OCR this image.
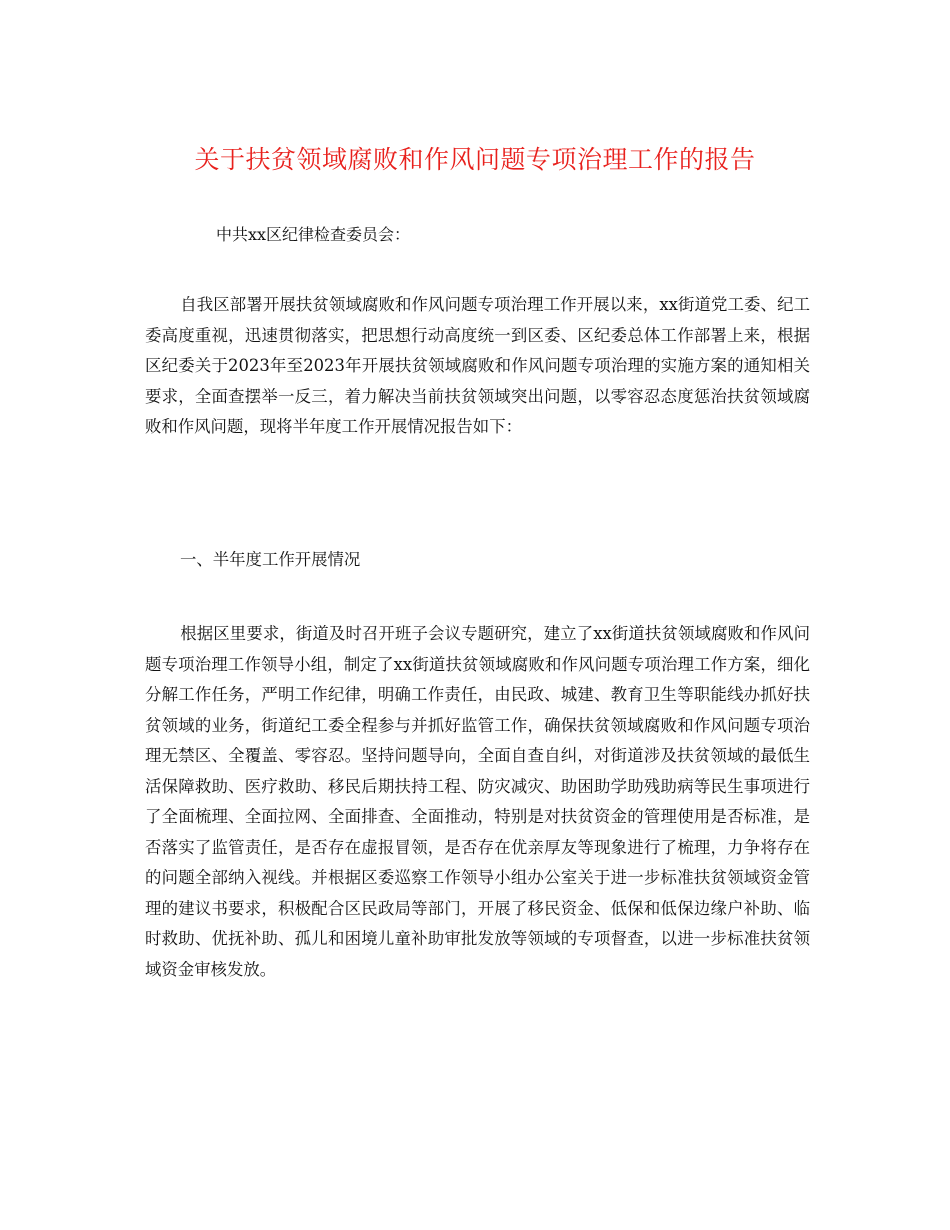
关于扶贫领域腐败和作风问题专项治理工作的报告

中共xx区纪律检查委员会：

自我区部署开展扶贫领域腐败和作风问题专项治理工作开展以来，xx街道党工委、纪工委高度重视，迅速贯彻落实，把思想行动高度统一到区委、区纪委总体工作部署上来，根据区纪委关于2023年至2023年开展扶贫领域腐败和作风问题专项治理的实施方案的通知相关要求，全面查摆举一反三，着力解决当前扶贫领域突出问题，以零容忍态度惩治扶贫领域腐败和作风问题，现将半年度工作开展情况报告如下：

一、半年度工作开展情况

根据区里要求，街道及时召开班子会议专题研究，建立了xx街道扶贫领域腐败和作风问题专项治理工作领导小组，制定了xx街道扶贫领域腐败和作风问题专项治理工作方案，细化分解工作任务，严明工作纪律，明确工作责任，由民政、城建、教育卫生等职能线办抓好扶贫领域的业务，街道纪工委全程参与并抓好监管工作，确保扶贫领域腐败和作风问题专项治理无禁区、全覆盖、零容忍。坚持问题导向，全面自查自纠，对街道涉及扶贫领域的最低生活保障救助、医疗救助、移民后期扶持工程、防灾减灾、助困助学助残助病等民生事项进行了全面梳理、全面拉网、全面排查、全面推动，特别是对扶贫资金的管理使用是否标准，是否落实了监管责任，是否存在虚报冒领，是否存在优亲厚友等现象进行了梳理，力争将存在的问题全部纳入视线。并根据区委巡察工作领导小组办公室关于进一步标准扶贫领域资金管理的建议书要求，积极配合区民政局等部门，开展了移民资金、低保和低保边缘户补助、临时救助、优抚补助、孤儿和困境儿童补助审批发放等领域的专项督查，以进一步标准扶贫领域资金审核发放。
